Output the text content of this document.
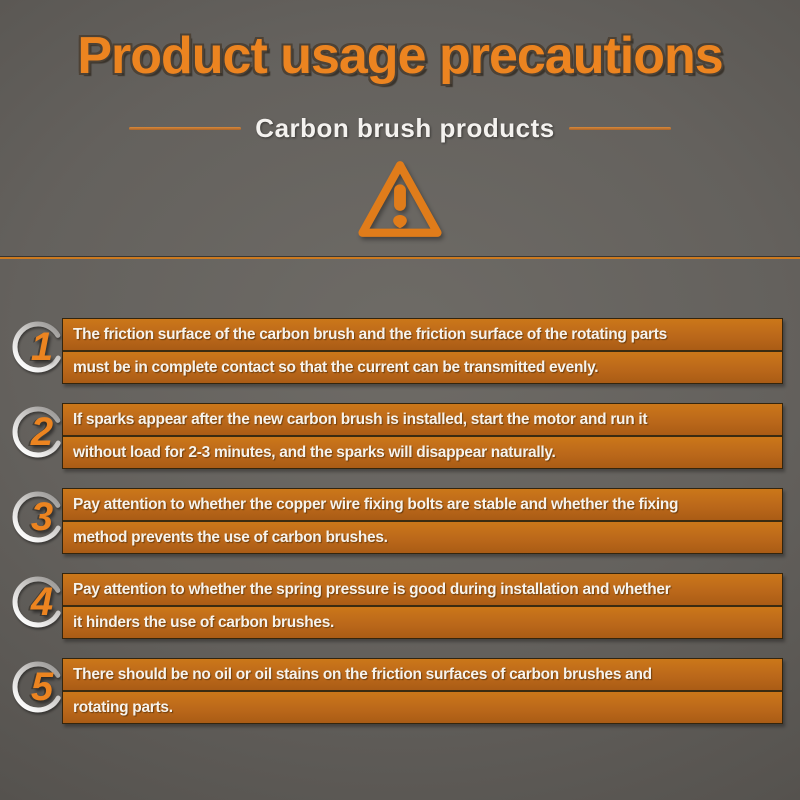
Product usage precautions
Carbon brush products
1	The friction surface of the carbon brush and the friction surface of the rotating parts
must be in complete contact so that the current can be transmitted evenly.
2	If sparks appear after the new carbon brush is installed, start the motor and run it
without load for 2-3 minutes, and the sparks will disappear naturally.
3	Pay attention to whether the copper wire fixing bolts are stable and whether the fixing
method prevents the use of carbon brushes.
4	Pay attention to whether the spring pressure is good during installation and whether
it hinders the use of carbon brushes.
5	There should be no oil or oil stains on the friction surfaces of carbon brushes and
rotating parts.
